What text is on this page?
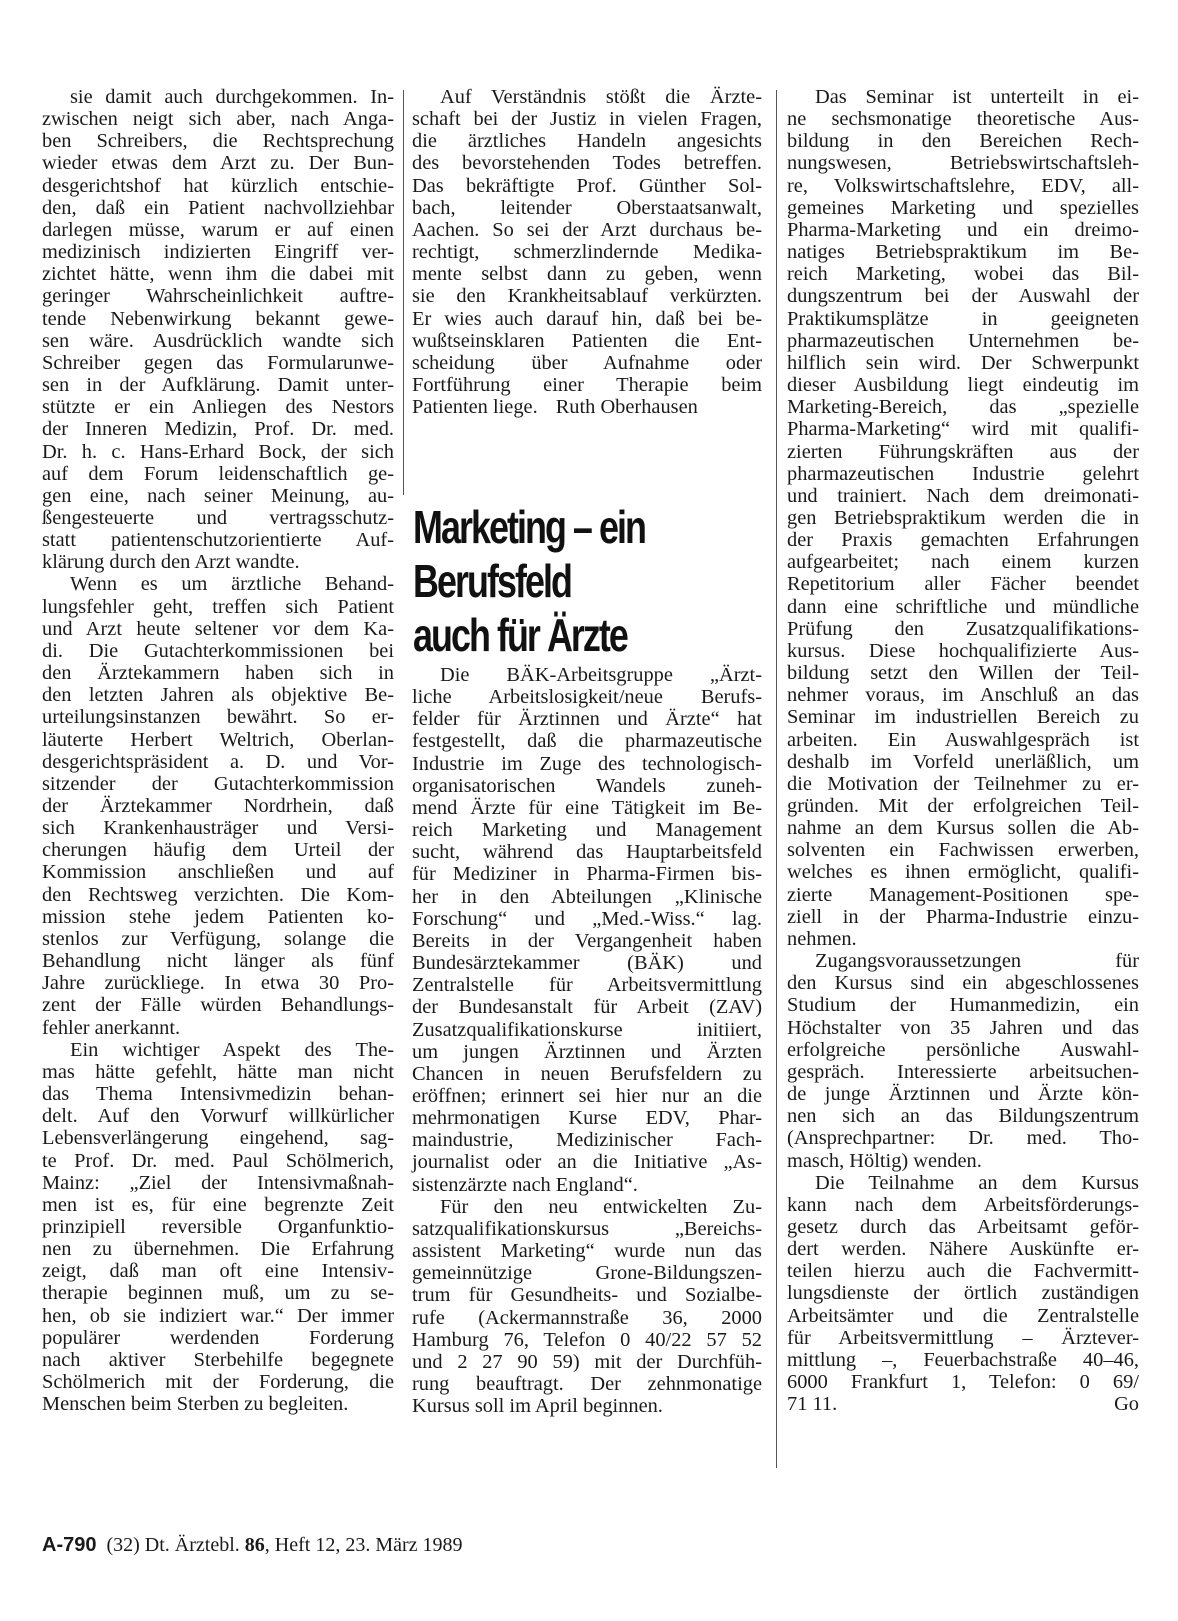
sie damit auch durchgekommen. In-
zwischen neigt sich aber, nach Anga-
ben Schreibers, die Rechtsprechung
wieder etwas dem Arzt zu. Der Bun-
desgerichtshof hat kürzlich entschie-
den, daß ein Patient nachvollziehbar
darlegen müsse, warum er auf einen
medizinisch indizierten Eingriff ver-
zichtet hätte, wenn ihm die dabei mit
geringer Wahrscheinlichkeit auftre-
tende Nebenwirkung bekannt gewe-
sen wäre. Ausdrücklich wandte sich
Schreiber gegen das Formularunwe-
sen in der Aufklärung. Damit unter-
stützte er ein Anliegen des Nestors
der Inneren Medizin, Prof. Dr. med.
Dr. h. c. Hans-Erhard Bock, der sich
auf dem Forum leidenschaftlich ge-
gen eine, nach seiner Meinung, au-
ßengesteuerte und vertragsschutz-
statt patientenschutzorientierte Auf-
klärung durch den Arzt wandte.
Wenn es um ärztliche Behand-
lungsfehler geht, treffen sich Patient
und Arzt heute seltener vor dem Ka-
di. Die Gutachterkommissionen bei
den Ärztekammern haben sich in
den letzten Jahren als objektive Be-
urteilungsinstanzen bewährt. So er-
läuterte Herbert Weltrich, Oberlan-
desgerichtspräsident a. D. und Vor-
sitzender der Gutachterkommission
der Ärztekammer Nordrhein, daß
sich Krankenhausträger und Versi-
cherungen häufig dem Urteil der
Kommission anschließen und auf
den Rechtsweg verzichten. Die Kom-
mission stehe jedem Patienten ko-
stenlos zur Verfügung, solange die
Behandlung nicht länger als fünf
Jahre zurückliege. In etwa 30 Pro-
zent der Fälle würden Behandlungs-
fehler anerkannt.
Ein wichtiger Aspekt des The-
mas hätte gefehlt, hätte man nicht
das Thema Intensivmedizin behan-
delt. Auf den Vorwurf willkürlicher
Lebensverlängerung eingehend, sag-
te Prof. Dr. med. Paul Schölmerich,
Mainz: „Ziel der Intensivmaßnah-
men ist es, für eine begrenzte Zeit
prinzipiell reversible Organfunktio-
nen zu übernehmen. Die Erfahrung
zeigt, daß man oft eine Intensiv-
therapie beginnen muß, um zu se-
hen, ob sie indiziert war.“ Der immer
populärer werdenden Forderung
nach aktiver Sterbehilfe begegnete
Schölmerich mit der Forderung, die
Menschen beim Sterben zu begleiten.
Auf Verständnis stößt die Ärzte-
schaft bei der Justiz in vielen Fragen,
die ärztliches Handeln angesichts
des bevorstehenden Todes betreffen.
Das bekräftigte Prof. Günther Sol-
bach, leitender Oberstaatsanwalt,
Aachen. So sei der Arzt durchaus be-
rechtigt, schmerzlindernde Medika-
mente selbst dann zu geben, wenn
sie den Krankheitsablauf verkürzten.
Er wies auch darauf hin, daß bei be-
wußtseinsklaren Patienten die Ent-
scheidung über Aufnahme oder
Fortführung einer Therapie beim
Patienten liege. Ruth Oberhausen
Marketing – ein
Berufsfeld
auch für Ärzte
Die BÄK-Arbeitsgruppe „Ärzt-
liche Arbeitslosigkeit/neue Berufs-
felder für Ärztinnen und Ärzte“ hat
festgestellt, daß die pharmazeutische
Industrie im Zuge des technologisch-
organisatorischen Wandels zuneh-
mend Ärzte für eine Tätigkeit im Be-
reich Marketing und Management
sucht, während das Hauptarbeitsfeld
für Mediziner in Pharma-Firmen bis-
her in den Abteilungen „Klinische
Forschung“ und „Med.-Wiss.“ lag.
Bereits in der Vergangenheit haben
Bundesärztekammer (BÄK) und
Zentralstelle für Arbeitsvermittlung
der Bundesanstalt für Arbeit (ZAV)
Zusatzqualifikationskurse initiiert,
um jungen Ärztinnen und Ärzten
Chancen in neuen Berufsfeldern zu
eröffnen; erinnert sei hier nur an die
mehrmonatigen Kurse EDV, Phar-
maindustrie, Medizinischer Fach-
journalist oder an die Initiative „As-
sistenzärzte nach England“.
Für den neu entwickelten Zu-
satzqualifikationskursus „Bereichs-
assistent Marketing“ wurde nun das
gemeinnützige Grone-Bildungszen-
trum für Gesundheits- und Sozialbe-
rufe (Ackermannstraße 36, 2000
Hamburg 76, Telefon 0 40/22 57 52
und 2 27 90 59) mit der Durchfüh-
rung beauftragt. Der zehnmonatige
Kursus soll im April beginnen.
Das Seminar ist unterteilt in ei-
ne sechsmonatige theoretische Aus-
bildung in den Bereichen Rech-
nungswesen, Betriebswirtschaftsleh-
re, Volkswirtschaftslehre, EDV, all-
gemeines Marketing und spezielles
Pharma-Marketing und ein dreimo-
natiges Betriebspraktikum im Be-
reich Marketing, wobei das Bil-
dungszentrum bei der Auswahl der
Praktikumsplätze in geeigneten
pharmazeutischen Unternehmen be-
hilflich sein wird. Der Schwerpunkt
dieser Ausbildung liegt eindeutig im
Marketing-Bereich, das „spezielle
Pharma-Marketing“ wird mit qualifi-
zierten Führungskräften aus der
pharmazeutischen Industrie gelehrt
und trainiert. Nach dem dreimonati-
gen Betriebspraktikum werden die in
der Praxis gemachten Erfahrungen
aufgearbeitet; nach einem kurzen
Repetitorium aller Fächer beendet
dann eine schriftliche und mündliche
Prüfung den Zusatzqualifikations-
kursus. Diese hochqualifizierte Aus-
bildung setzt den Willen der Teil-
nehmer voraus, im Anschluß an das
Seminar im industriellen Bereich zu
arbeiten. Ein Auswahlgespräch ist
deshalb im Vorfeld unerläßlich, um
die Motivation der Teilnehmer zu er-
gründen. Mit der erfolgreichen Teil-
nahme an dem Kursus sollen die Ab-
solventen ein Fachwissen erwerben,
welches es ihnen ermöglicht, qualifi-
zierte Management-Positionen spe-
ziell in der Pharma-Industrie einzu-
nehmen.
Zugangsvoraussetzungen für
den Kursus sind ein abgeschlossenes
Studium der Humanmedizin, ein
Höchstalter von 35 Jahren und das
erfolgreiche persönliche Auswahl-
gespräch. Interessierte arbeitsuchen-
de junge Ärztinnen und Ärzte kön-
nen sich an das Bildungszentrum
(Ansprechpartner: Dr. med. Tho-
masch, Höltig) wenden.
Die Teilnahme an dem Kursus
kann nach dem Arbeitsförderungs-
gesetz durch das Arbeitsamt geför-
dert werden. Nähere Auskünfte er-
teilen hierzu auch die Fachvermitt-
lungsdienste der örtlich zuständigen
Arbeitsämter und die Zentralstelle
für Arbeitsvermittlung – Ärztever-
mittlung –, Feuerbachstraße 40–46,
6000 Frankfurt 1, Telefon: 0 69/
71 11.	Go
A-790 (32) Dt. Ärztebl. 86, Heft 12, 23. März 1989
